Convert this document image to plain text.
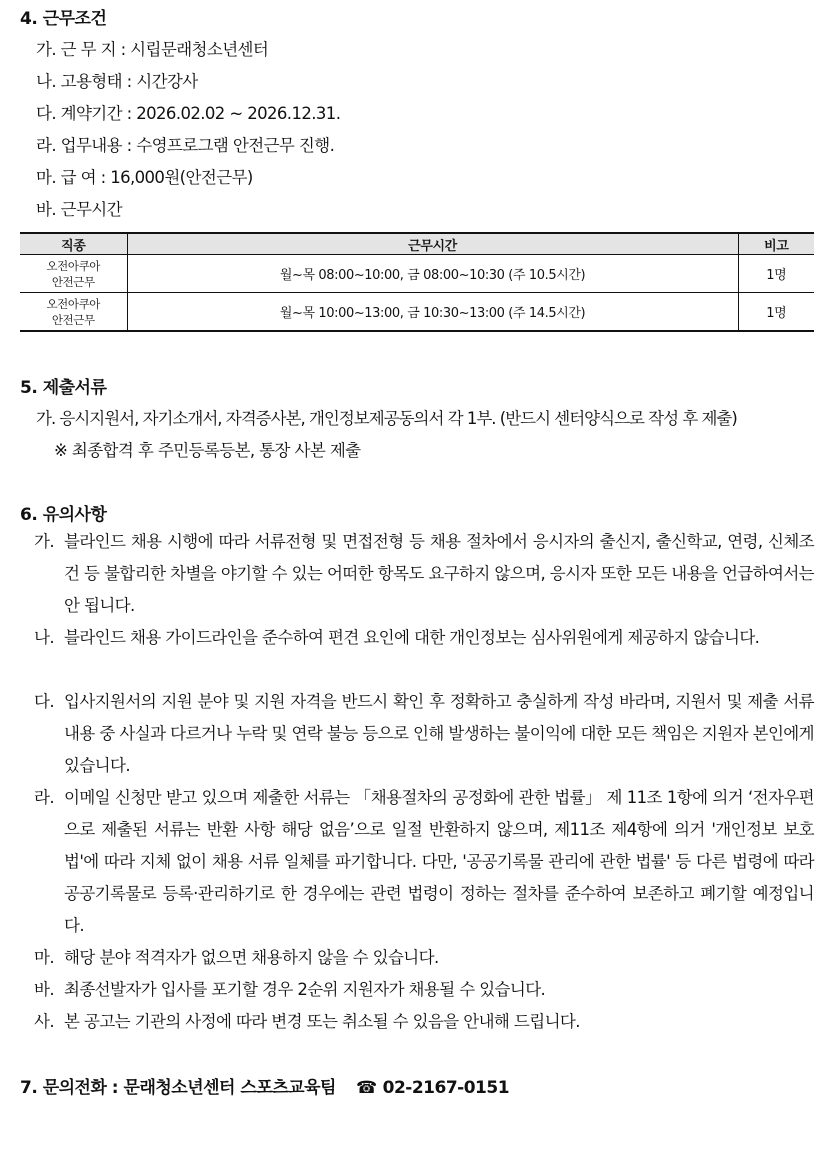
4. 근무조건
가. 근 무 지 : 시립문래청소년센터
나. 고용형태 : 시간강사
다. 계약기간 : 2026.02.02 ~ 2026.12.31.
라. 업무내용 : 수영프로그램 안전근무 진행.
마. 급 여 : 16,000원(안전근무)
바. 근무시간
직종	근무시간	비고
오전아쿠아
안전근무	월~목 08:00~10:00, 금 08:00~10:30 (주 10.5시간)	1명
오전아쿠아
안전근무	월~목 10:00~13:00, 금 10:30~13:00 (주 14.5시간)	1명
5. 제출서류
가. 응시지원서, 자기소개서, 자격증사본, 개인정보제공동의서 각 1부. (반드시 센터양식으로 작성 후 제출)
※ 최종합격 후 주민등록등본, 통장 사본 제출
6. 유의사항
가. 블라인드 채용 시행에 따라 서류전형 및 면접전형 등 채용 절차에서 응시자의 출신지, 출신학교, 연령, 신체조건 등 불합리한 차별을 야기할 수 있는 어떠한 항목도 요구하지 않으며, 응시자 또한 모든 내용을 언급하여서는 안 됩니다.
나. 블라인드 채용 가이드라인을 준수하여 편견 요인에 대한 개인정보는 심사위원에게 제공하지 않습니다.
다. 입사지원서의 지원 분야 및 지원 자격을 반드시 확인 후 정확하고 충실하게 작성 바라며, 지원서 및 제출 서류 내용 중 사실과 다르거나 누락 및 연락 불능 등으로 인해 발생하는 불이익에 대한 모든 책임은 지원자 본인에게 있습니다.
라. 이메일 신청만 받고 있으며 제출한 서류는 「채용절차의 공정화에 관한 법률」 제 11조 1항에 의거 ‘전자우편으로 제출된 서류는 반환 사항 해당 없음’으로 일절 반환하지 않으며, 제11조 제4항에 의거 '개인정보 보호법'에 따라 지체 없이 채용 서류 일체를 파기합니다. 다만, '공공기록물 관리에 관한 법률' 등 다른 법령에 따라 공공기록물로 등록·관리하기로 한 경우에는 관련 법령이 정하는 절차를 준수하여 보존하고 폐기할 예정입니다.
마. 해당 분야 적격자가 없으면 채용하지 않을 수 있습니다.
바. 최종선발자가 입사를 포기할 경우 2순위 지원자가 채용될 수 있습니다.
사. 본 공고는 기관의 사정에 따라 변경 또는 취소될 수 있음을 안내해 드립니다.
7. 문의전화 : 문래청소년센터 스포츠교육팀 ☎ 02-2167-0151
